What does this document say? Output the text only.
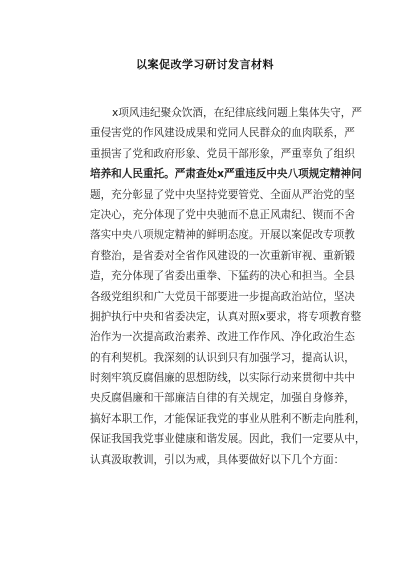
以案促改学习研讨发言材料
x项风违纪聚众饮酒，在纪律底线问题上集体失守，严
重侵害党的作风建设成果和党同人民群众的血肉联系，严
重损害了党和政府形象、党员干部形象，严重辜负了组织
培养和人民重托。严肃查处x严重违反中央八项规定精神问
题，充分彰显了党中央坚持党要管党、全面从严治党的坚
定决心，充分体现了党中央驰而不息正风肃纪、锲而不舍
落实中央八项规定精神的鲜明态度。开展以案促改专项教
育整治，是省委对全省作风建设的一次重新审视、重新锻
造，充分体现了省委出重拳、下猛药的决心和担当。全县
各级党组织和广大党员干部要进一步提高政治站位，坚决
拥护执行中央和省委决定，认真对照x要求，将专项教育整
治作为一次提高政治素养、改进工作作风、净化政治生态
的有利契机。我深刻的认识到只有加强学习，提高认识，
时刻牢筑反腐倡廉的思想防线，以实际行动来贯彻中共中
央反腐倡廉和干部廉洁自律的有关规定，加强自身修养，
搞好本职工作，才能保证我党的事业从胜利不断走向胜利，
保证我国我党事业健康和谐发展。因此，我们一定要从中，
认真汲取教训，引以为戒，具体要做好以下几个方面：
